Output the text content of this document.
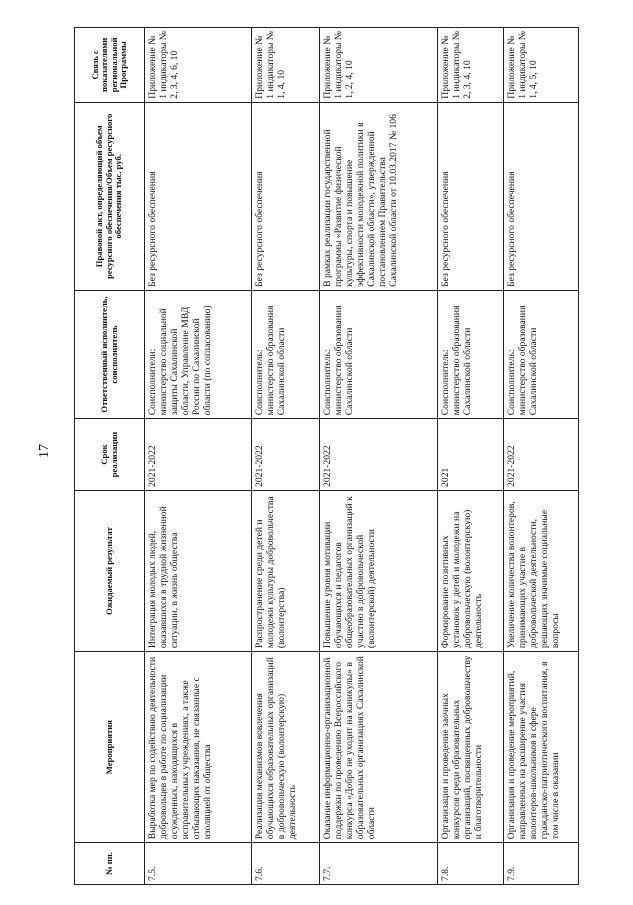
17
№ пп.	Мероприятия	Ожидаемый результат	Срок реализации	Ответственный исполнитель, соисполнитель	Правовой акт, определяющий объем ресурсного обеспечения/Объем ресурсного обеспечения тыс. руб.	Связь с показателями региональной Программы
7.5.	Выработка мер по содействию деятельности добровольцев в работе по социализации осужденных, находящихся в исправительных учреждениях, а также отбывающих наказания, не связанные с изоляцией от общества	Интеграция молодых людей, оказавшихся в трудной жизненной ситуации, в жизнь общества	2021-2022	Соисполнители: министерство социальной защиты Сахалинской области, Управление МВД России по Сахалинской области (по согласованию)	Без ресурсного обеспечения	Приложение № 1 индикаторы № 2, 3, 4, 6, 10
7.6.	Реализация механизмов вовлечения обучающихся образовательных организаций в добровольческую (волонтерскую) деятельность	Распространение среди детей и молодежи культуры добровольчества (волонтерства)	2021-2022	Соисполнитель: министерство образования Сахалинской области	Без ресурсного обеспечения	Приложение № 1 индикаторы № 1, 4, 10
7.7.	Оказание информационно-организационной поддержки по проведению Всероссийского конкурса «Добро не уходит на каникулы» в образовательных организациях Сахалинской области	Повышение уровня мотивации обучающихся и педагогов общеобразовательных организаций к участию в добровольческой (волонтерской) деятельности	2021-2022	Соисполнитель: министерство образования Сахалинской области	В рамках реализации государственной программы «Развитие физической культуры, спорта и повышение эффективности молодежной политики в Сахалинской области», утвержденной постановлением Правительства Сахалинской области от 10.03.2017 № 106	Приложение № 1 индикаторы № 1, 2, 4, 10
7.8.	Организация и проведение заочных конкурсов среди образовательных организаций, посвященных добровольчеству и благотворительности	Формирование позитивных установок у детей и молодежи на добровольческую (волонтерскую) деятельность	2021	Соисполнитель: министерство образования Сахалинской области	Без ресурсного обеспечения	Приложение № 1 индикаторы № 2, 3, 4, 10
7.9.	Организация и проведение мероприятий, направленных на расширение участия волонтеров-школьников в сфере гражданско-патриотического воспитания, в том числе в оказании	Увеличение количества волонтеров, принимающих участие в добровольческой деятельности, решающих значимые социальные вопросы	2021-2022	Соисполнитель: министерство образования Сахалинской области	Без ресурсного обеспечения	Приложение № 1 индикаторы № 1, 4, 5, 10
